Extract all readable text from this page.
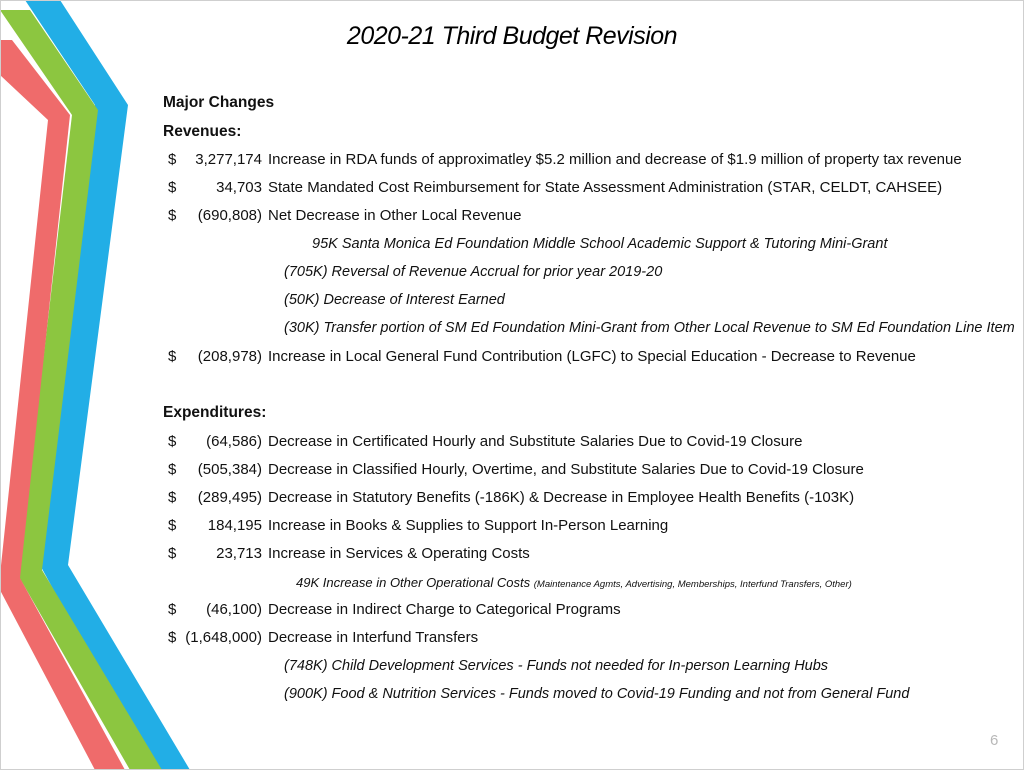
2020-21 Third Budget Revision
Major Changes
Revenues:
$	3,277,174 Increase in RDA funds of approximatley $5.2 million and decrease of $1.9 million of property tax revenue
$	34,703 State Mandated Cost Reimbursement for State Assessment Administration (STAR, CELDT, CAHSEE)
$	(690,808) Net Decrease in Other Local Revenue
95K Santa Monica Ed Foundation Middle School Academic Support & Tutoring Mini-Grant
(705K) Reversal of Revenue Accrual for prior year 2019-20
(50K) Decrease of Interest Earned
(30K) Transfer portion of SM Ed Foundation Mini-Grant from Other Local Revenue to SM Ed Foundation Line Item
$	(208,978) Increase in Local General Fund Contribution (LGFC) to Special Education - Decrease to Revenue
Expenditures:
$	(64,586) Decrease in Certificated Hourly and Substitute Salaries Due to Covid-19 Closure
$	(505,384) Decrease in Classified Hourly, Overtime, and Substitute Salaries Due to Covid-19 Closure
$	(289,495) Decrease in Statutory Benefits (-186K) & Decrease in Employee Health Benefits (-103K)
$	184,195 Increase in Books & Supplies to Support In-Person Learning
$	23,713 Increase in Services & Operating Costs
49K Increase in Other Operational Costs (Maintenance Agmts, Advertising, Memberships, Interfund Transfers, Other)
$	(46,100) Decrease in Indirect Charge to Categorical Programs
$ (1,648,000) Decrease in Interfund Transfers
(748K) Child Development Services - Funds not needed for In-person Learning Hubs
(900K) Food & Nutrition Services - Funds moved to Covid-19 Funding and not from General Fund
6
